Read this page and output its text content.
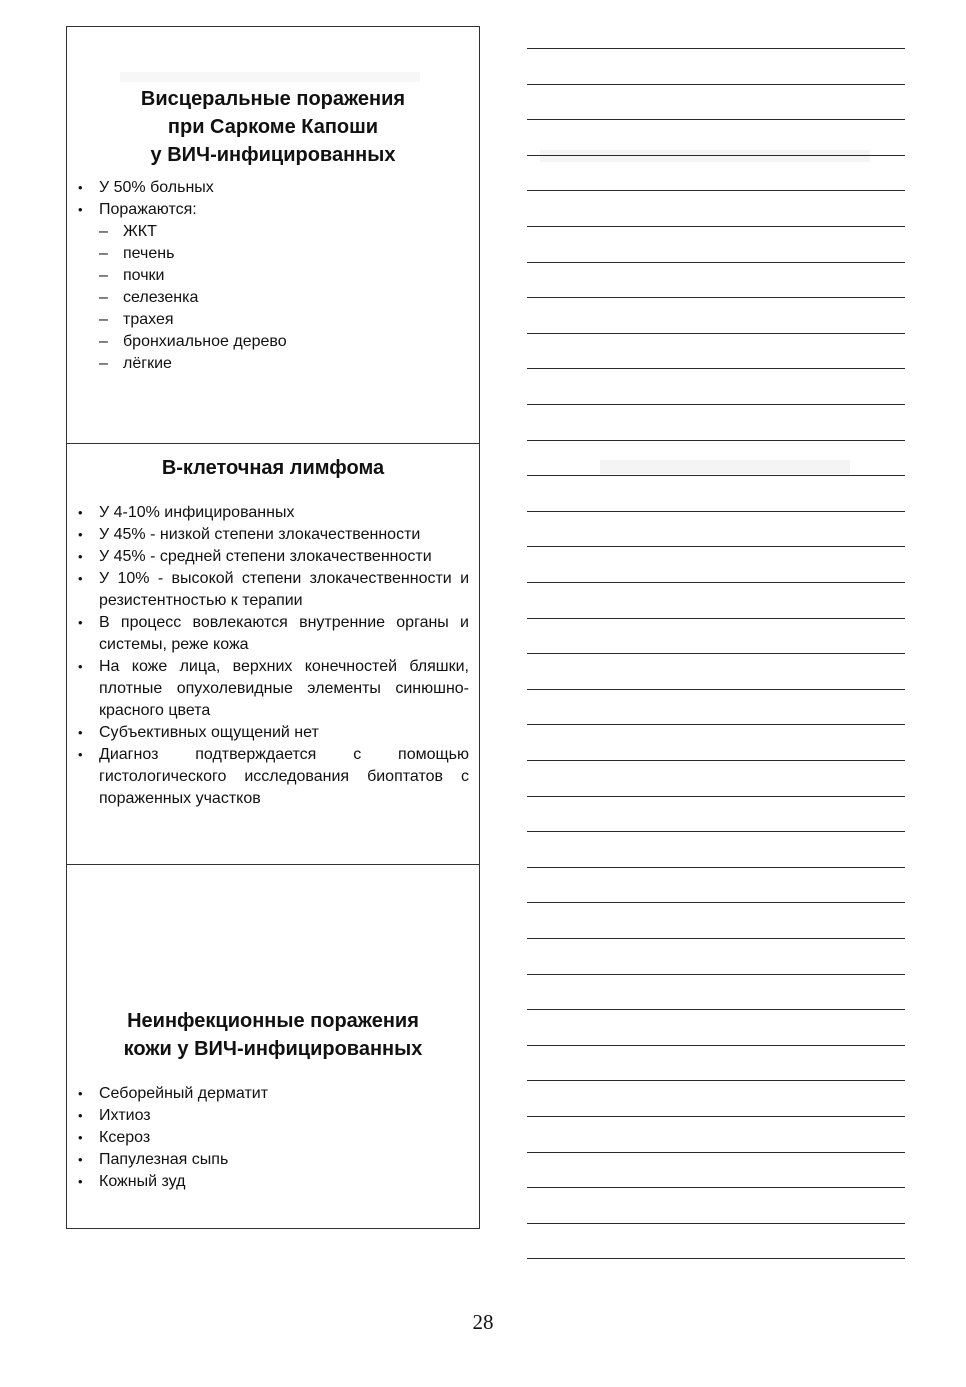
Висцеральные поражения
при Саркоме Капоши
у ВИЧ-инфицированных
• У 50% больных
• Поражаются:
– ЖКТ
– печень
– почки
– селезенка
– трахея
– бронхиальное дерево
– лёгкие
В-клеточная лимфома
• У 4-10% инфицированных
• У 45% - низкой степени злокачественности
• У 45% - средней степени злокачественности
• У 10% - высокой степени злокачественности и резистентностью к терапии
• В процесс вовлекаются внутренние органы и системы, реже кожа
• На коже лица, верхних конечностей бляшки, плотные опухолевидные элементы синюшно-красного цвета
• Субъективных ощущений нет
• Диагноз подтверждается с помощью гистологического исследования биоптатов с пораженных участков
Неинфекционные поражения
кожи у ВИЧ-инфицированных
• Себорейный дерматит
• Ихтиоз
• Ксероз
• Папулезная сыпь
• Кожный зуд
28
